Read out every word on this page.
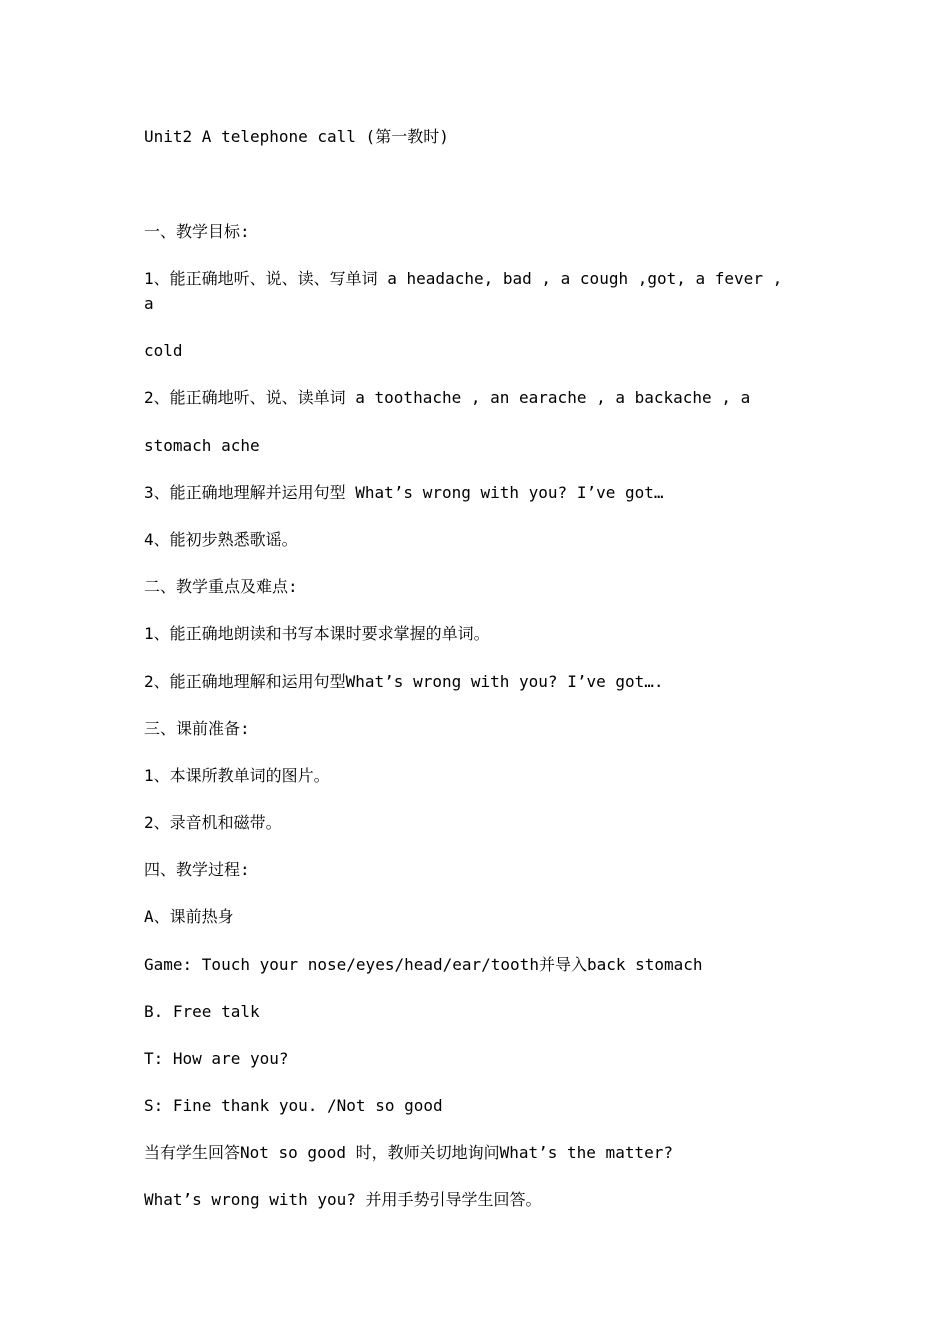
Unit2 A telephone call (第一教时)
一、教学目标:
1、能正确地听、说、读、写单词 a headache, bad , a cough ,got, a fever ,
a
cold
2、能正确地听、说、读单词 a toothache , an earache , a backache , a
stomach ache
3、能正确地理解并运用句型 What’s wrong with you? I’ve got…
4、能初步熟悉歌谣。
二、教学重点及难点:
1、能正确地朗读和书写本课时要求掌握的单词。
2、能正确地理解和运用句型What’s wrong with you? I’ve got….
三、课前准备:
1、本课所教单词的图片。
2、录音机和磁带。
四、教学过程:
A、课前热身
Game: Touch your nose/eyes/head/ear/tooth并导入back stomach
B. Free talk
T: How are you?
S: Fine thank you. /Not so good
当有学生回答Not so good 时，教师关切地询问What’s the matter?
What’s wrong with you? 并用手势引导学生回答。
